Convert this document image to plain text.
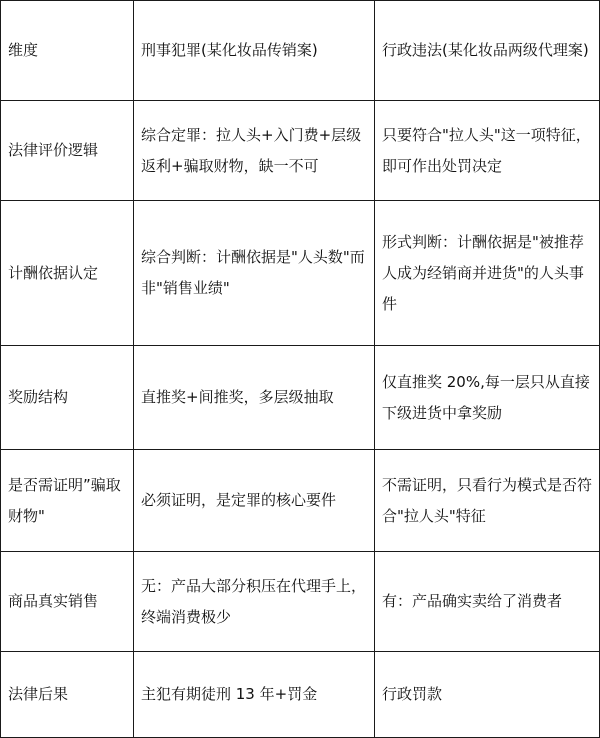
维度	刑事犯罪(某化妆品传销案)	行政违法(某化妆品两级代理案)
法律评价逻辑	综合定罪：拉人头+入门费+层级返利+骗取财物，缺一不可	只要符合"拉人头"这一项特征，即可作出处罚决定
计酬依据认定	综合判断：计酬依据是"人头数"而非"销售业绩"	形式判断：计酬依据是"被推荐人成为经销商并进货"的人头事件
奖励结构	直推奖+间推奖，多层级抽取	仅直推奖 20%,每一层只从直接下级进货中拿奖励
是否需证明”骗取财物"	必须证明，是定罪的核心要件	不需证明，只看行为模式是否符合"拉人头"特征
商品真实销售	无：产品大部分积压在代理手上，终端消费极少	有：产品确实卖给了消费者
法律后果	主犯有期徒刑 13 年+罚金	行政罚款
